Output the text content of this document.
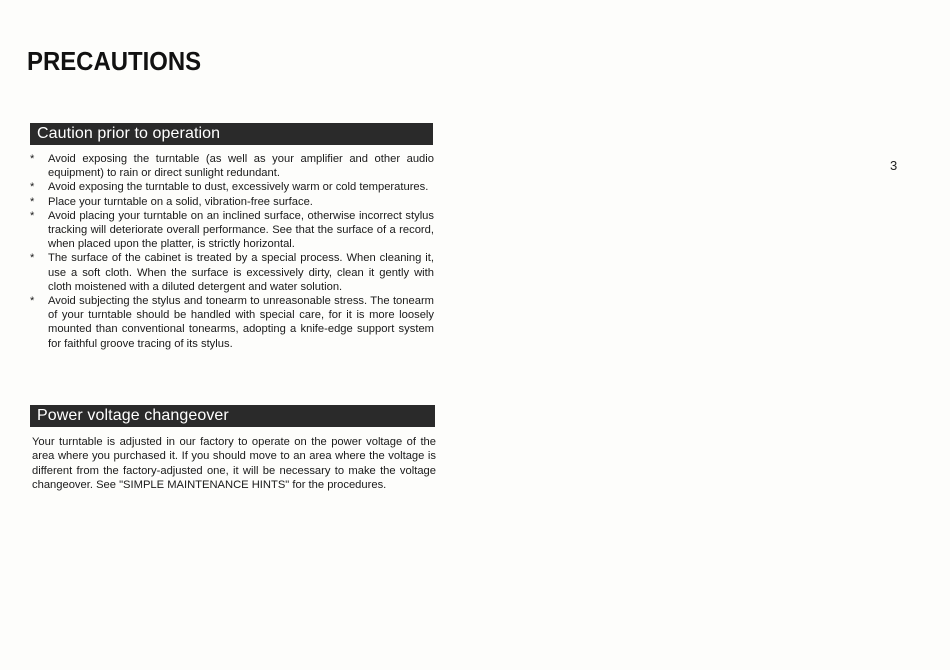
PRECAUTIONS
3
Caution prior to operation
*	Avoid exposing the turntable (as well as your amplifier and other audio equipment) to rain or direct sunlight redundant.
*	Avoid exposing the turntable to dust, excessively warm or cold temperatures.
*	Place your turntable on a solid, vibration-free surface.
*	Avoid placing your turntable on an inclined surface, otherwise incorrect stylus tracking will deteriorate overall performance. See that the surface of a record, when placed upon the platter, is strictly horizontal.
*	The surface of the cabinet is treated by a special process. When cleaning it, use a soft cloth. When the surface is excessively dirty, clean it gently with cloth moistened with a diluted detergent and water solution.
*	Avoid subjecting the stylus and tonearm to unreasonable stress. The tonearm of your turntable should be handled with special care, for it is more loosely mounted than conventional tonearms, adopting a knife-edge support system for faithful groove tracing of its stylus.
Power voltage changeover

Your turntable is adjusted in our factory to operate on the power voltage of the area where you purchased it. If you should move to an area where the voltage is different from the factory-adjusted one, it will be necessary to make the voltage changeover. See "SIMPLE MAINTENANCE HINTS" for the procedures.
